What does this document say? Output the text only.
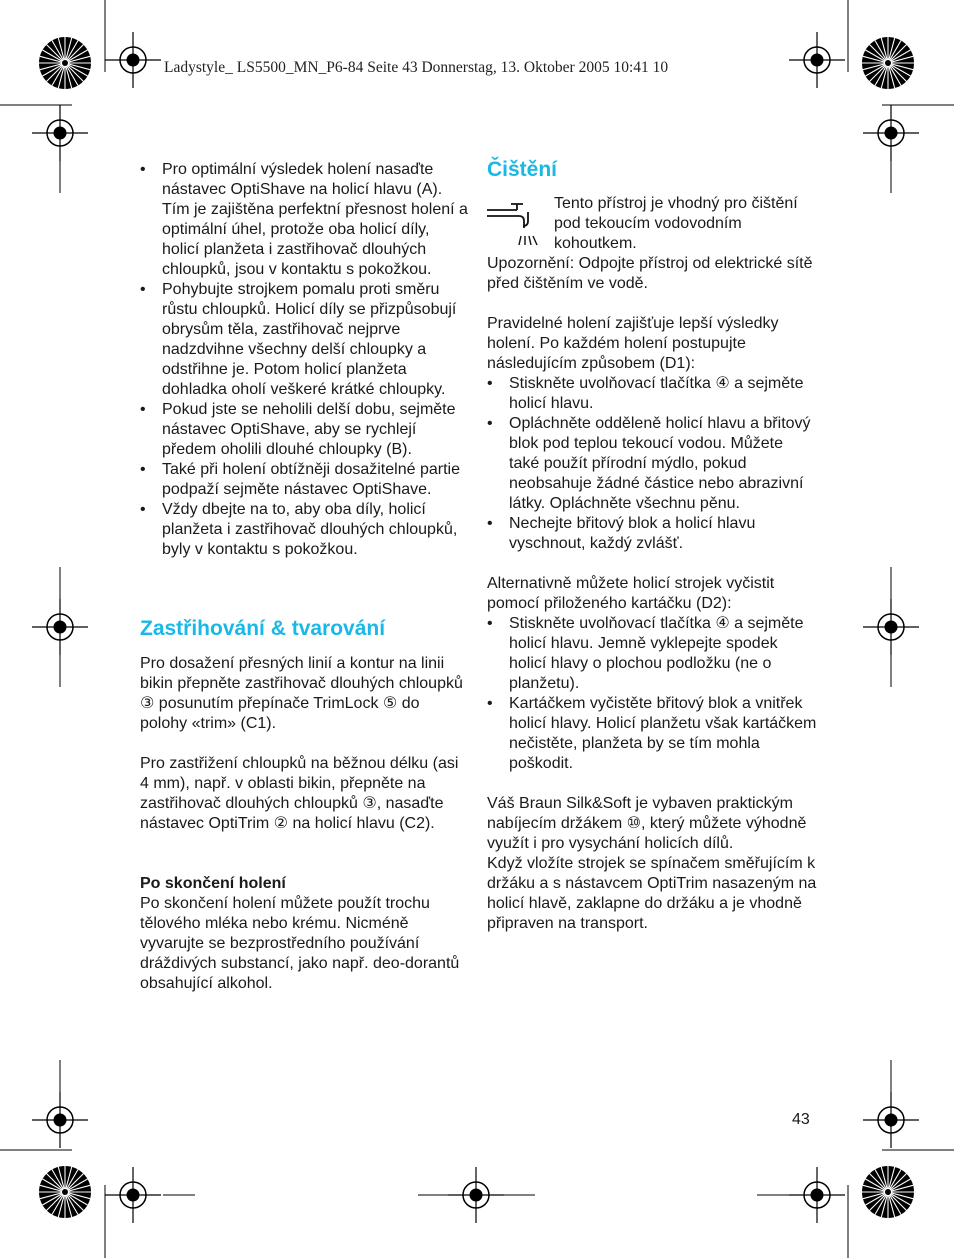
Ladystyle_ LS5500_MN_P6-84 Seite 43 Donnerstag, 13. Oktober 2005 10:41 10
• Pro optimální výsledek holení nasaďte nástavec OptiShave na holicí hlavu (A). Tím je zajištěna perfektní přesnost holení a optimální úhel, protože oba holicí díly, holicí planžeta i zastřihovač dlouhých chloupků, jsou v kontaktu s pokožkou.
• Pohybujte strojkem pomalu proti směru růstu chloupků. Holicí díly se přizpůsobují obrysům těla, zastřihovač nejprve nadzdvihne všechny delší chloupky a odstřihne je. Potom holicí planžeta dohladka oholí veškeré krátké chloupky.
• Pokud jste se neholili delší dobu, sejměte nástavec OptiShave, aby se rychlejí předem oholili dlouhé chloupky (B).
• Také při holení obtížněji dosažitelné partie podpaží sejměte nástavec OptiShave.
• Vždy dbejte na to, aby oba díly, holicí planžeta i zastřihovač dlouhých chloupků, byly v kontaktu s pokožkou.
Zastřihování & tvarování

Pro dosažení přesných linií a kontur na linii bikin přepněte zastřihovač dlouhých chloupků ③ posunutím přepínače TrimLock ⑤ do polohy «trim» (C1).

Pro zastřižení chloupků na běžnou délku (asi 4 mm), např. v oblasti bikin, přepněte na zastřihovač dlouhých chloupků ③, nasaďte nástavec OptiTrim ② na holicí hlavu (C2).

Po skončení holení

Po skončení holení můžete použít trochu tělového mléka nebo krému. Nicméně vyvarujte se bezprostředního používání dráždivých substancí, jako např. deo-dorantů obsahující alkohol.

Čištění

Tento přístroj je vhodný pro čištění pod tekoucím vodovodním kohoutkem.

Upozornění: Odpojte přístroj od elektrické sítě před čištěním ve vodě.

Pravidelné holení zajišťuje lepší výsledky holení. Po každém holení postupujte následujícím způsobem (D1):

• Stiskněte uvolňovací tlačítka ④ a sejměte holicí hlavu.
• Opláchněte odděleně holicí hlavu a břitový blok pod teplou tekoucí vodou. Můžete také použít přírodní mýdlo, pokud neobsahuje žádné částice nebo abrazivní látky. Opláchněte všechnu pěnu.
• Nechejte břitový blok a holicí hlavu vyschnout, každý zvlášť.

Alternativně můžete holicí strojek vyčistit pomocí přiloženého kartáčku (D2):

• Stiskněte uvolňovací tlačítka ④ a sejměte holicí hlavu. Jemně vyklepejte spodek holicí hlavy o plochou podložku (ne o planžetu).
• Kartáčkem vyčistěte břitový blok a vnitřek holicí hlavy. Holicí planžetu však kartáčkem nečistěte, planžeta by se tím mohla poškodit.

Váš Braun Silk&Soft je vybaven praktickým nabíjecím držákem ⑩, který můžete výhodně využít i pro vysychání holicích dílů.

Když vložíte strojek se spínačem směřujícím k držáku a s nástavcem OptiTrim nasazeným na holicí hlavě, zaklapne do držáku a je vhodně připraven na transport.

43
